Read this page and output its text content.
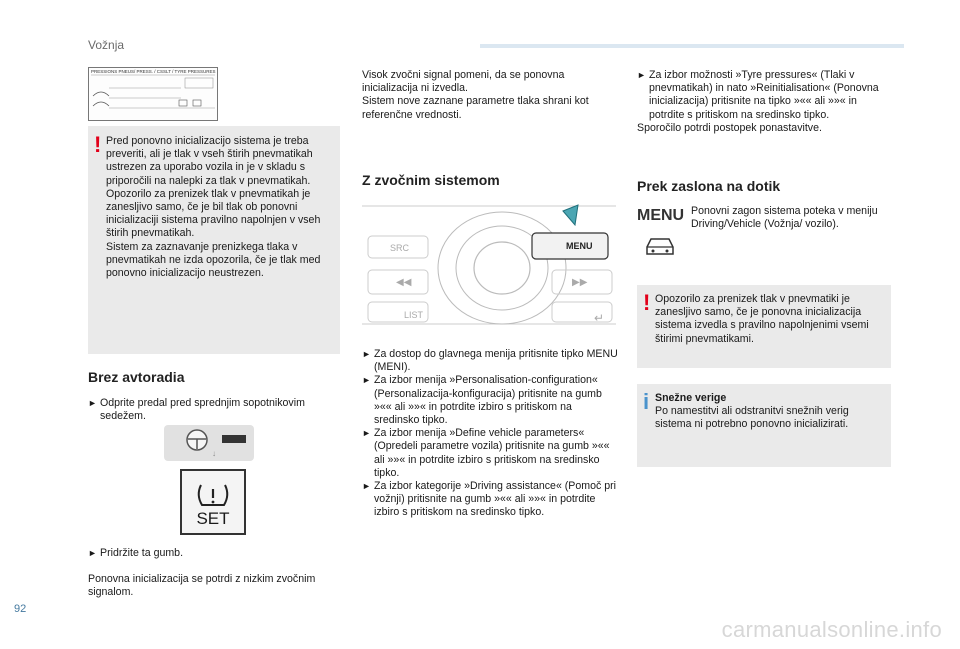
Vožnja
PRESSIONS PNEUS/ PRESS. / CSSLT / TYRE PRESSURES
! Pred ponovno inicializacijo sistema je treba preveriti, ali je tlak v vseh štirih pnevmatikah ustrezen za uporabo vozila in je v skladu s priporočili na nalepki za tlak v pnevmatikah.
Opozorilo za prenizek tlak v pnevmatikah je zanesljivo samo, če je bil tlak ob ponovni inicializaciji sistema pravilno napolnjen v vseh štirih pnevmatikah.
Sistem za zaznavanje prenizkega tlaka v pnevmatikah ne izda opozorila, če je tlak med ponovno inicializacijo neustrezen.
Brez avtoradia
► Odprite predal pred sprednjim sopotnikovim sedežem.
↓
SET
► Pridržite ta gumb.
Ponovna inicializacija se potrdi z nizkim zvočnim signalom.
Visok zvočni signal pomeni, da se ponovna inicializacija ni izvedla.
Sistem nove zaznane parametre tlaka shrani kot referenčne vrednosti.
Z zvočnim sistemom
◀◀	▶▶
↵
SRC	MENU
LIST
► Za dostop do glavnega menija pritisnite tipko MENU (MENI).
► Za izbor menija »Personalisation-configuration« (Personalizacija-konfiguracija) pritisnite na gumb »«« ali »»« in potrdite izbiro s pritiskom na sredinsko tipko.
► Za izbor menija »Define vehicle parameters« (Opredeli parametre vozila) pritisnite na gumb »«« ali »»« in potrdite izbiro s pritiskom na sredinsko tipko.
► Za izbor kategorije »Driving assistance« (Pomoč pri vožnji) pritisnite na gumb »«« ali »»« in potrdite izbiro s pritiskom na sredinsko tipko.
► Za izbor možnosti »Tyre pressures« (Tlaki v pnevmatikah) in nato »Reinitialisation« (Ponovna inicializacija) pritisnite na tipko »«« ali »»« in potrdite s pritiskom na sredinsko tipko.

Sporočilo potrdi postopek ponastavitve.

Prek zaslona na dotik
MENU Ponovni zagon sistema poteka v meniju Driving/Vehicle (Vožnja/ vozilo).
! Opozorilo za prenizek tlak v pnevmatiki je zanesljivo samo, če je ponovna inicializacija sistema izvedla s pravilno napolnjenimi vsemi štirimi pnevmatikami.
i Snežne verige

Po namestitvi ali odstranitvi snežnih verig sistema ni potrebno ponovno inicializirati.

92
carmanualsonline.info
